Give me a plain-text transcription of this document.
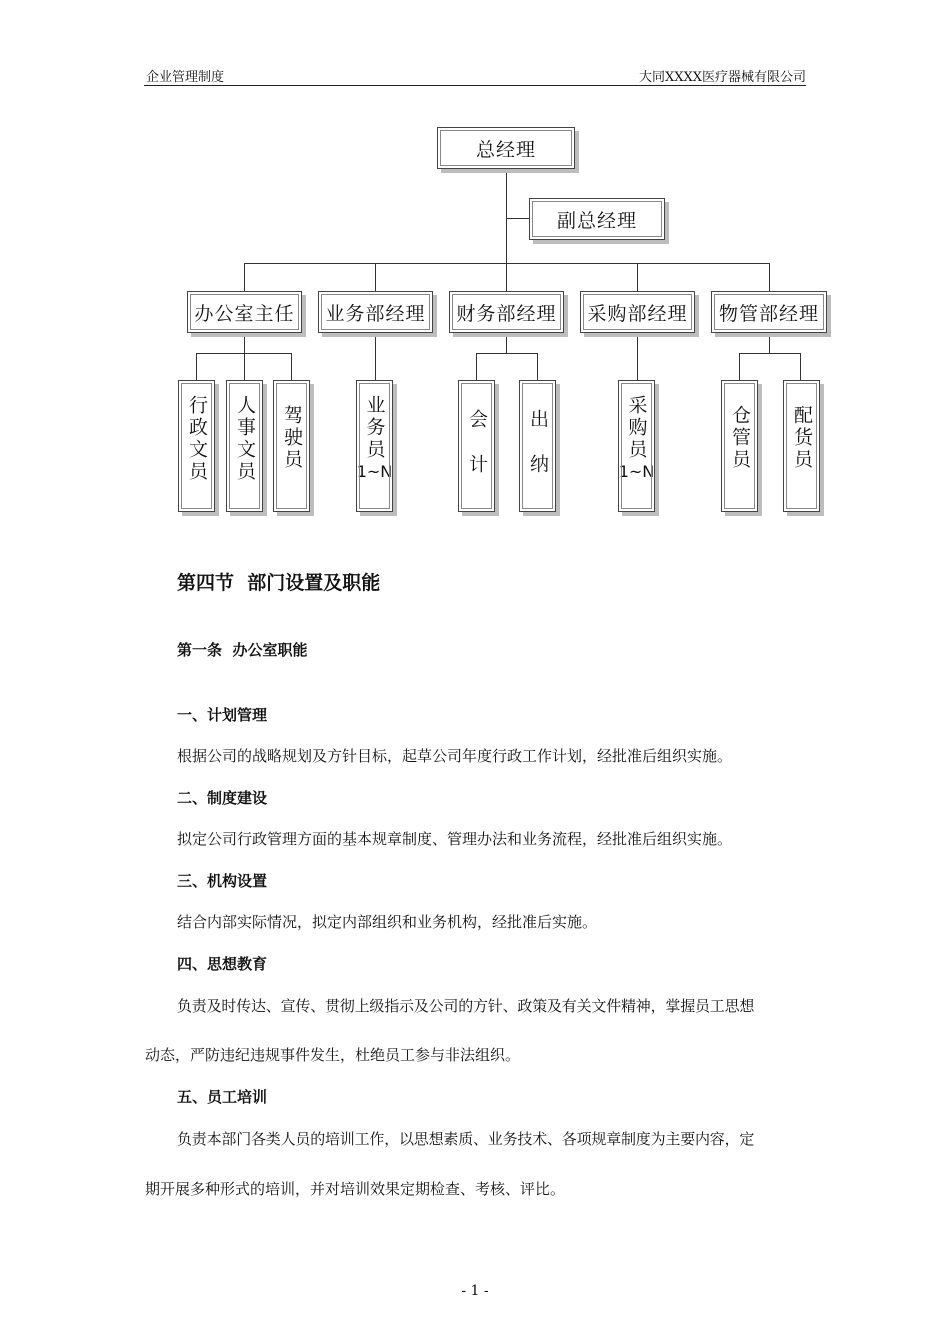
企业管理制度	大同XXXX医疗器械有限公司
总经理
副总经理
办公室主任	业务部经理	财务部经理	采购部经理	物管部经理
行政文员 人事文员 驾驶员	业务员
1~N	会计 出纳	采购员
1~N
仓管员 配货员
第四节  部门设置及职能
第一条  办公室职能
一、计划管理
根据公司的战略规划及方针目标，起草公司年度行政工作计划，经批准后组织实施。
二、制度建设
拟定公司行政管理方面的基本规章制度、管理办法和业务流程，经批准后组织实施。
三、机构设置
结合内部实际情况，拟定内部组织和业务机构，经批准后实施。
四、思想教育
负责及时传达、宣传、贯彻上级指示及公司的方针、政策及有关文件精神，掌握员工思想
动态，严防违纪违规事件发生，杜绝员工参与非法组织。
五、员工培训
负责本部门各类人员的培训工作，以思想素质、业务技术、各项规章制度为主要内容，定
期开展多种形式的培训，并对培训效果定期检查、考核、评比。
- 1 -
